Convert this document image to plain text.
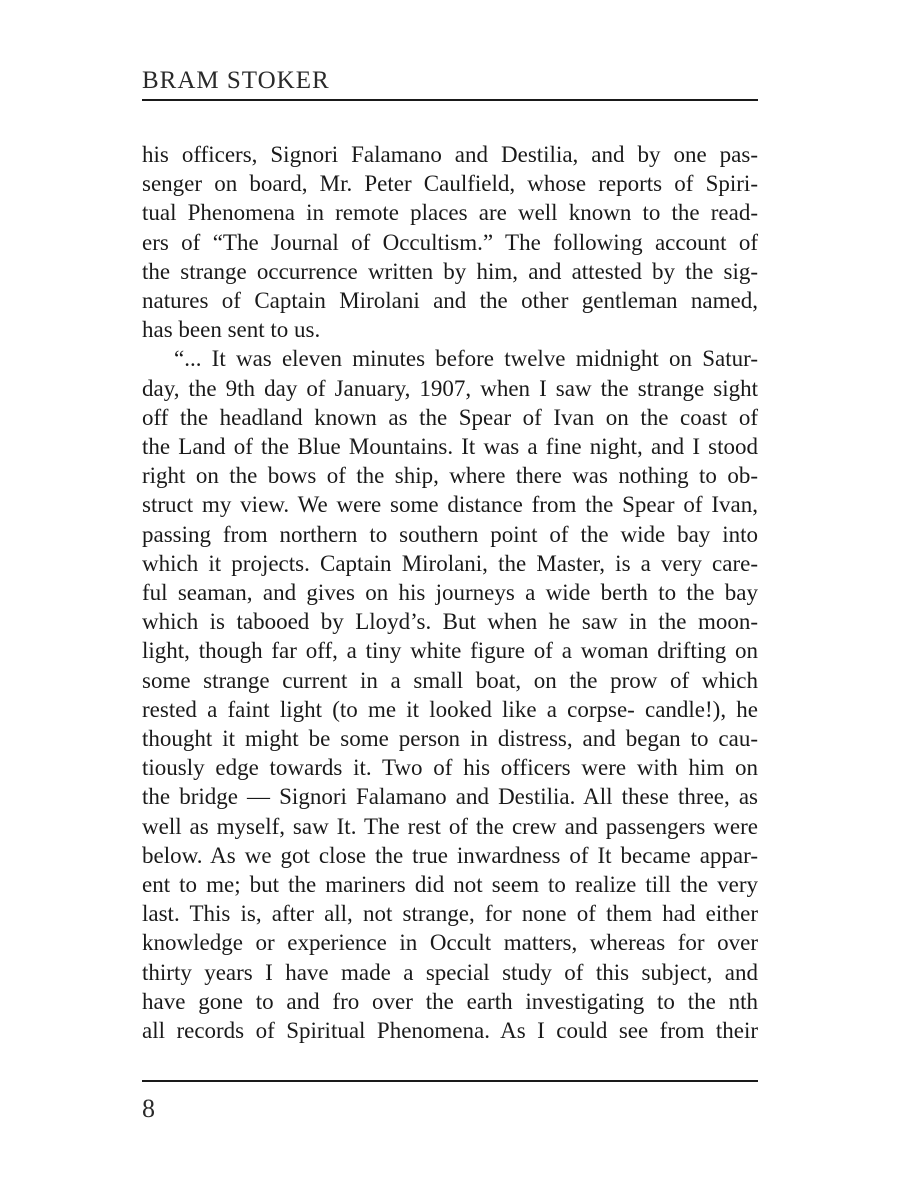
BRAM STOKER
his officers, Signori Falamano and Destilia, and by one pas-
senger on board, Mr. Peter Caulfield, whose reports of Spiri-
tual Phenomena in remote places are well known to the read-
ers of “The Journal of Occultism.” The following account of
the strange occurrence written by him, and attested by the sig-
natures of Captain Mirolani and the other gentleman named,
has been sent to us.
“... It was eleven minutes before twelve midnight on Satur-
day, the 9th day of January, 1907, when I saw the strange sight
off the headland known as the Spear of Ivan on the coast of
the Land of the Blue Mountains. It was a fine night, and I stood
right on the bows of the ship, where there was nothing to ob-
struct my view. We were some distance from the Spear of Ivan,
passing from northern to southern point of the wide bay into
which it projects. Captain Mirolani, the Master, is a very care-
ful seaman, and gives on his journeys a wide berth to the bay
which is tabooed by Lloyd’s. But when he saw in the moon-
light, though far off, a tiny white figure of a woman drifting on
some strange current in a small boat, on the prow of which
rested a faint light (to me it looked like a corpse- candle!), he
thought it might be some person in distress, and began to cau-
tiously edge towards it. Two of his officers were with him on
the bridge — Signori Falamano and Destilia. All these three, as
well as myself, saw It. The rest of the crew and passengers were
below. As we got close the true inwardness of It became appar-
ent to me; but the mariners did not seem to realize till the very
last. This is, after all, not strange, for none of them had either
knowledge or experience in Occult matters, whereas for over
thirty years I have made a special study of this subject, and
have gone to and fro over the earth investigating to the nth
all records of Spiritual Phenomena. As I could see from their
8
